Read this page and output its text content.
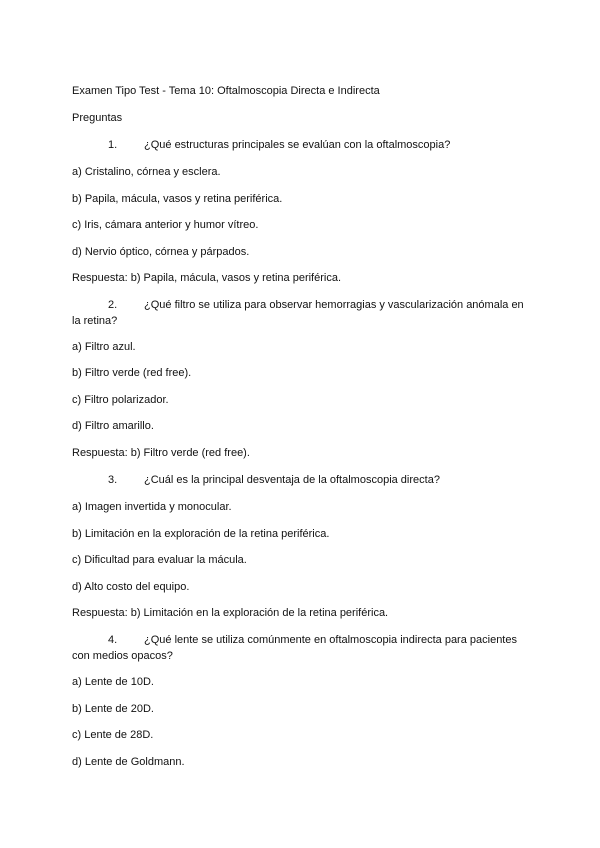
Examen Tipo Test - Tema 10: Oftalmoscopia Directa e Indirecta
Preguntas
1. ¿Qué estructuras principales se evalúan con la oftalmoscopia?
a) Cristalino, córnea y esclera.
b) Papila, mácula, vasos y retina periférica.
c) Iris, cámara anterior y humor vítreo.
d) Nervio óptico, córnea y párpados.
Respuesta: b) Papila, mácula, vasos y retina periférica.
2. ¿Qué filtro se utiliza para observar hemorragias y vascularización anómala en la retina?
a) Filtro azul.
b) Filtro verde (red free).
c) Filtro polarizador.
d) Filtro amarillo.
Respuesta: b) Filtro verde (red free).
3. ¿Cuál es la principal desventaja de la oftalmoscopia directa?
a) Imagen invertida y monocular.
b) Limitación en la exploración de la retina periférica.
c) Dificultad para evaluar la mácula.
d) Alto costo del equipo.
Respuesta: b) Limitación en la exploración de la retina periférica.
4. ¿Qué lente se utiliza comúnmente en oftalmoscopia indirecta para pacientes con medios opacos?
a) Lente de 10D.
b) Lente de 20D.
c) Lente de 28D.
d) Lente de Goldmann.
